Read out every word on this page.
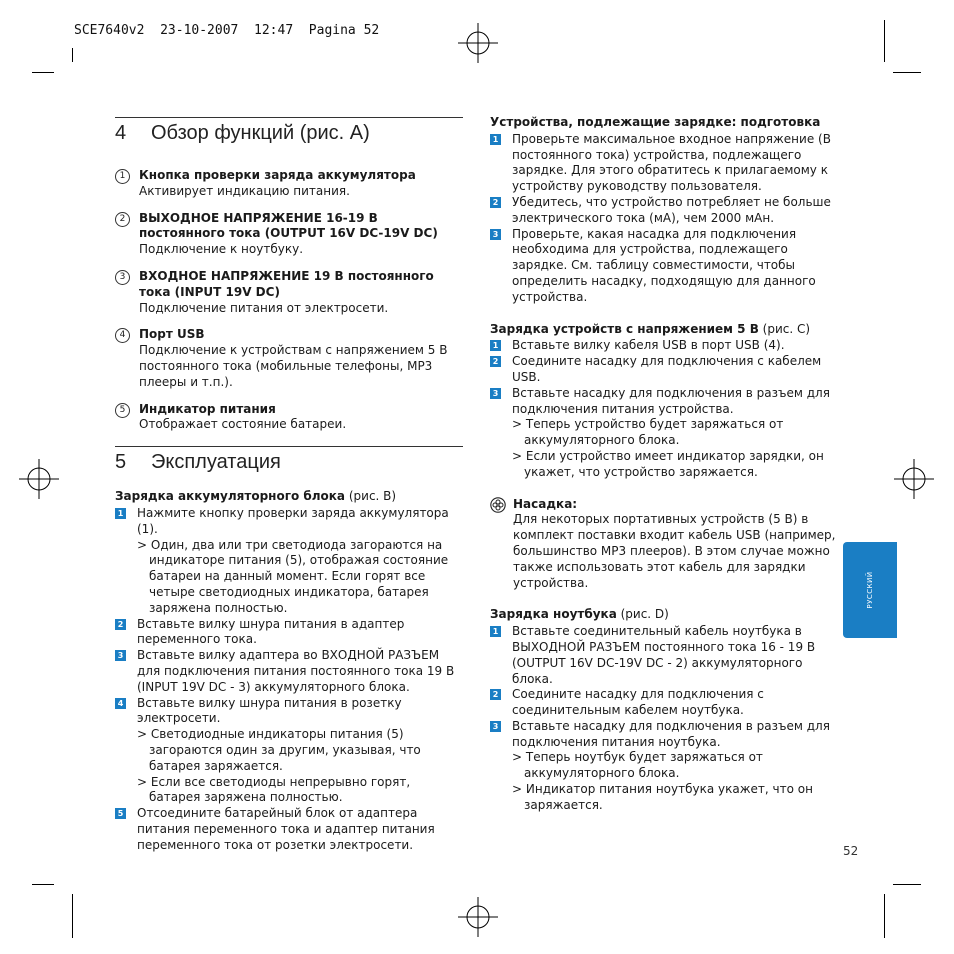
SCE7640v2  23-10-2007  12:47  Pagina 52
4	Обзор функций (рис. A)
1	Кнопка проверки заряда аккумулятора
Активирует индикацию питания.
2	ВЫХОДНОЕ НАПРЯЖЕНИЕ 16-19 В постоянного тока (OUTPUT 16V DC-19V DC)
Подключение к ноутбуку.
3	ВХОДНОЕ НАПРЯЖЕНИЕ 19 В постоянного тока (INPUT 19V DC)
Подключение питания от электросети.
4	Порт USB
Подключение к устройствам с напряжением 5 В постоянного тока (мобильные телефоны, MP3 плееры и т.п.).
5	Индикатор питания
Отображает состояние батареи.
5	Эксплуатация
Зарядка аккумуляторного блока (рис. B)
1 Нажмите кнопку проверки заряда аккумулятора (1).
> Один, два или три светодиода загораются на индикаторе питания (5), отображая состояние батареи на данный момент. Если горят все четыре светодиодных индикатора, батарея заряжена полностью.
2 Вставьте вилку шнура питания в адаптер переменного тока.
3 Вставьте вилку адаптера во ВХОДНОЙ РАЗЪЕМ для подключения питания постоянного тока 19 В (INPUT 19V DC - 3) аккумуляторного блока.
4 Вставьте вилку шнура питания в розетку электросети.
> Светодиодные индикаторы питания (5) загораются один за другим, указывая, что батарея заряжается.
> Если все светодиоды непрерывно горят, батарея заряжена полностью.
5 Отсоедините батарейный блок от адаптера питания переменного тока и адаптер питания переменного тока от розетки электросети.
Устройства, подлежащие зарядке: подготовка
1 Проверьте максимальное входное напряжение (В постоянного тока) устройства, подлежащего зарядке. Для этого обратитесь к прилагаемому к устройству руководству пользователя.
2 Убедитесь, что устройство потребляет не больше электрического тока (мА), чем 2000 мАн.
3 Проверьте, какая насадка для подключения необходима для устройства, подлежащего зарядке. См. таблицу совместимости, чтобы определить насадку, подходящую для данного устройства.
Зарядка устройств с напряжением 5 В (рис. C)
1 Вставьте вилку кабеля USB в порт USB (4).
2 Соедините насадку для подключения с кабелем USB.
3 Вставьте насадку для подключения в разъем для подключения питания устройства.
> Теперь устройство будет заряжаться от аккумуляторного блока.
> Если устройство имеет индикатор зарядки, он укажет, что устройство заряжается.
Насадка:
Для некоторых портативных устройств (5 В) в комплект поставки входит кабель USB (например, большинство MP3 плееров). В этом случае можно также использовать этот кабель для зарядки устройства.
Зарядка ноутбука (рис. D)
1 Вставьте соединительный кабель ноутбука в ВЫХОДНОЙ РАЗЪЕМ постоянного тока 16 - 19 В (OUTPUT 16V DC-19V DC - 2) аккумуляторного блока.
2 Соедините насадку для подключения с соединительным кабелем ноутбука.
3 Вставьте насадку для подключения в разъем для подключения питания ноутбука.
> Теперь ноутбук будет заряжаться от аккумуляторного блока.
> Индикатор питания ноутбука укажет, что он заряжается.
РУССКИЙ
52
